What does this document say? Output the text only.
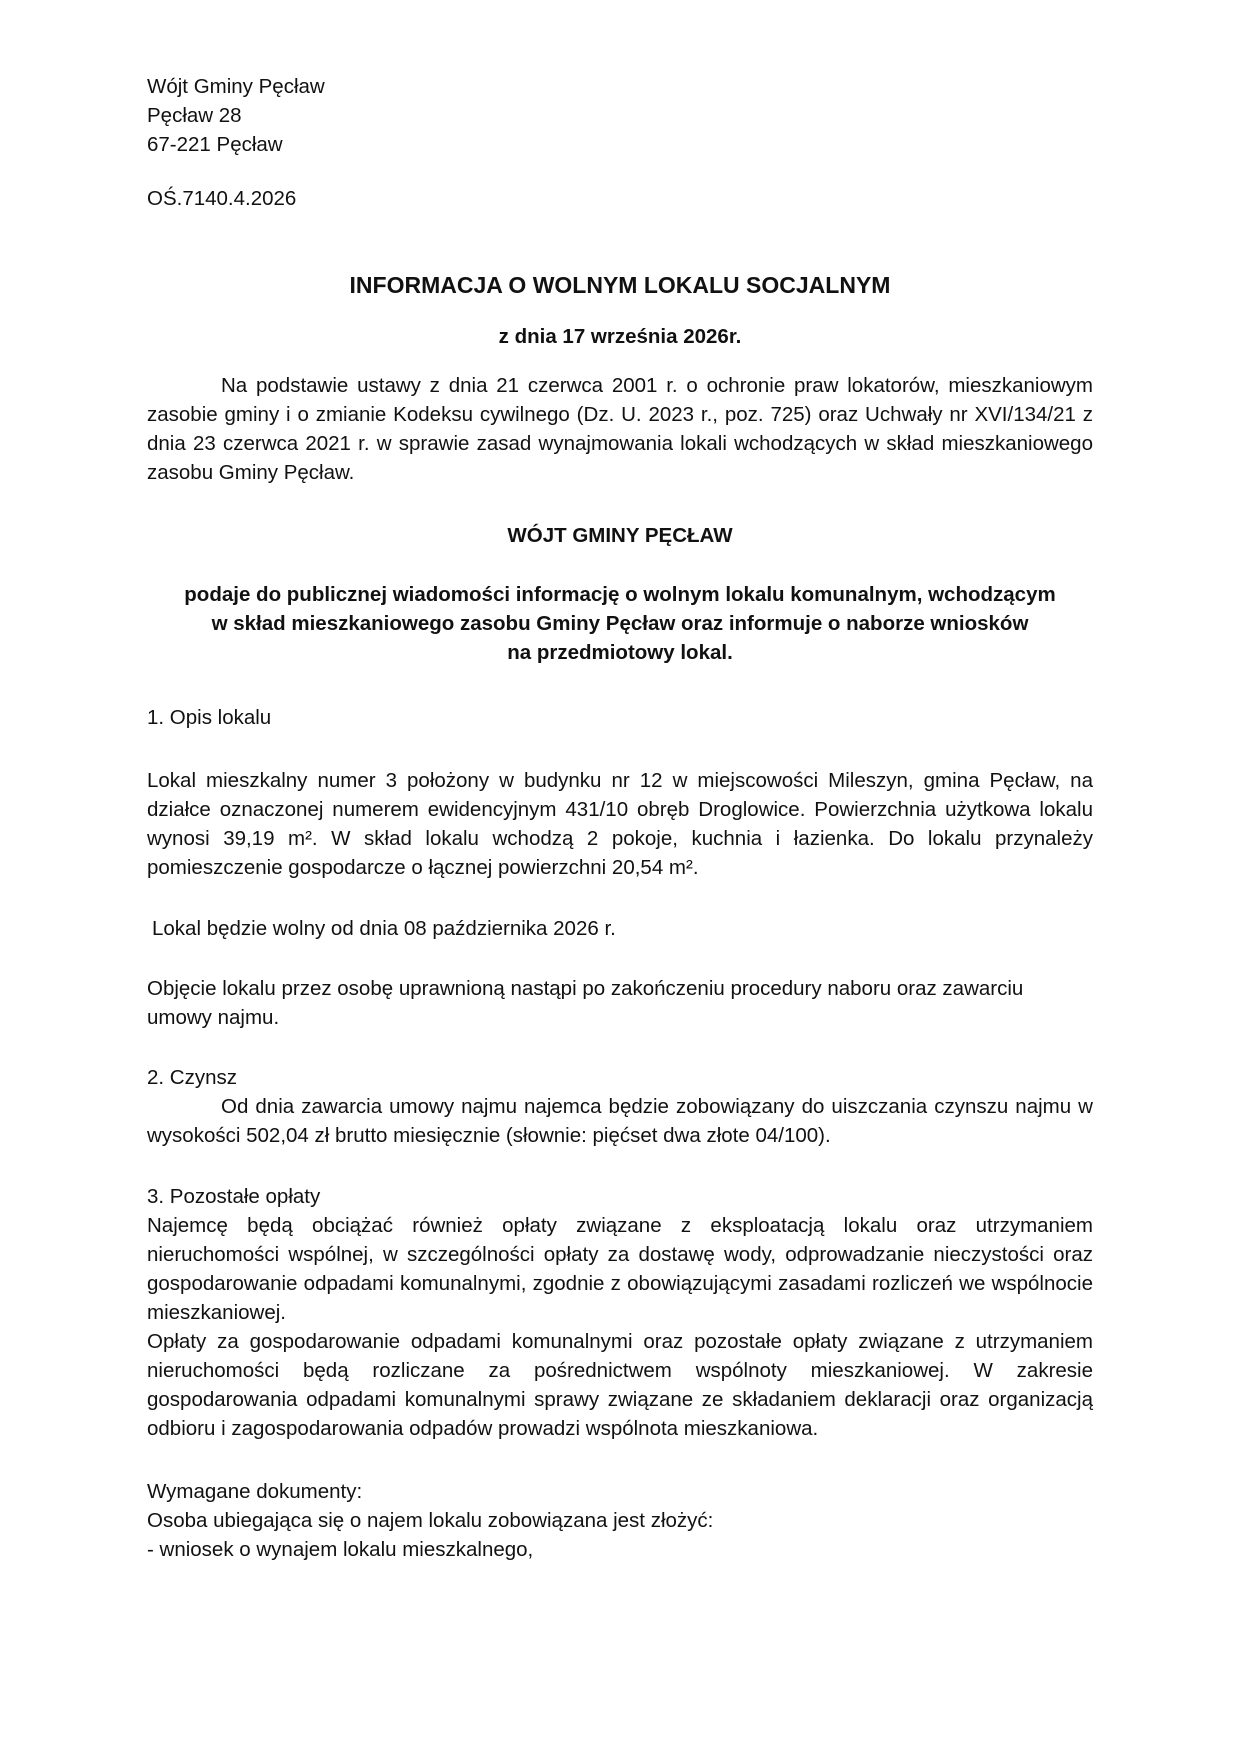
Wójt Gminy Pęcław
Pęcław 28
67-221 Pęcław
OŚ.7140.4.2026
INFORMACJA O WOLNYM LOKALU SOCJALNYM
z dnia 17 września 2026r.

Na podstawie ustawy z dnia 21 czerwca 2001 r. o ochronie praw lokatorów, mieszkaniowym zasobie gminy i o zmianie Kodeksu cywilnego (Dz. U. 2023 r., poz. 725) oraz Uchwały nr XVI/134/21 z dnia 23 czerwca 2021 r. w sprawie zasad wynajmowania lokali wchodzących w skład mieszkaniowego zasobu Gminy Pęcław.

WÓJT GMINY PĘCŁAW
podaje do publicznej wiadomości informację o wolnym lokalu komunalnym, wchodzącym
w skład mieszkaniowego zasobu Gminy Pęcław oraz informuje o naborze wniosków
na przedmiotowy lokal.
1. Opis lokalu

Lokal mieszkalny numer 3 położony w budynku nr 12 w miejscowości Mileszyn, gmina Pęcław, na działce oznaczonej numerem ewidencyjnym 431/10 obręb Droglowice. Powierzchnia użytkowa lokalu wynosi 39,19 m². W skład lokalu wchodzą 2 pokoje, kuchnia i łazienka. Do lokalu przynależy pomieszczenie gospodarcze o łącznej powierzchni 20,54 m².

Lokal będzie wolny od dnia 08 października 2026 r.

Objęcie lokalu przez osobę uprawnioną nastąpi po zakończeniu procedury naboru oraz zawarciu umowy najmu.

2. Czynsz

Od dnia zawarcia umowy najmu najemca będzie zobowiązany do uiszczania czynszu najmu w wysokości 502,04 zł brutto miesięcznie (słownie: pięćset dwa złote 04/100).

3. Pozostałe opłaty

Najemcę będą obciążać również opłaty związane z eksploatacją lokalu oraz utrzymaniem nieruchomości wspólnej, w szczególności opłaty za dostawę wody, odprowadzanie nieczystości oraz gospodarowanie odpadami komunalnymi, zgodnie z obowiązującymi zasadami rozliczeń we wspólnocie mieszkaniowej.

Opłaty za gospodarowanie odpadami komunalnymi oraz pozostałe opłaty związane z utrzymaniem nieruchomości będą rozliczane za pośrednictwem wspólnoty mieszkaniowej. W zakresie gospodarowania odpadami komunalnymi sprawy związane ze składaniem deklaracji oraz organizacją odbioru i zagospodarowania odpadów prowadzi wspólnota mieszkaniowa.

Wymagane dokumenty:
Osoba ubiegająca się o najem lokalu zobowiązana jest złożyć:
- wniosek o wynajem lokalu mieszkalnego,
